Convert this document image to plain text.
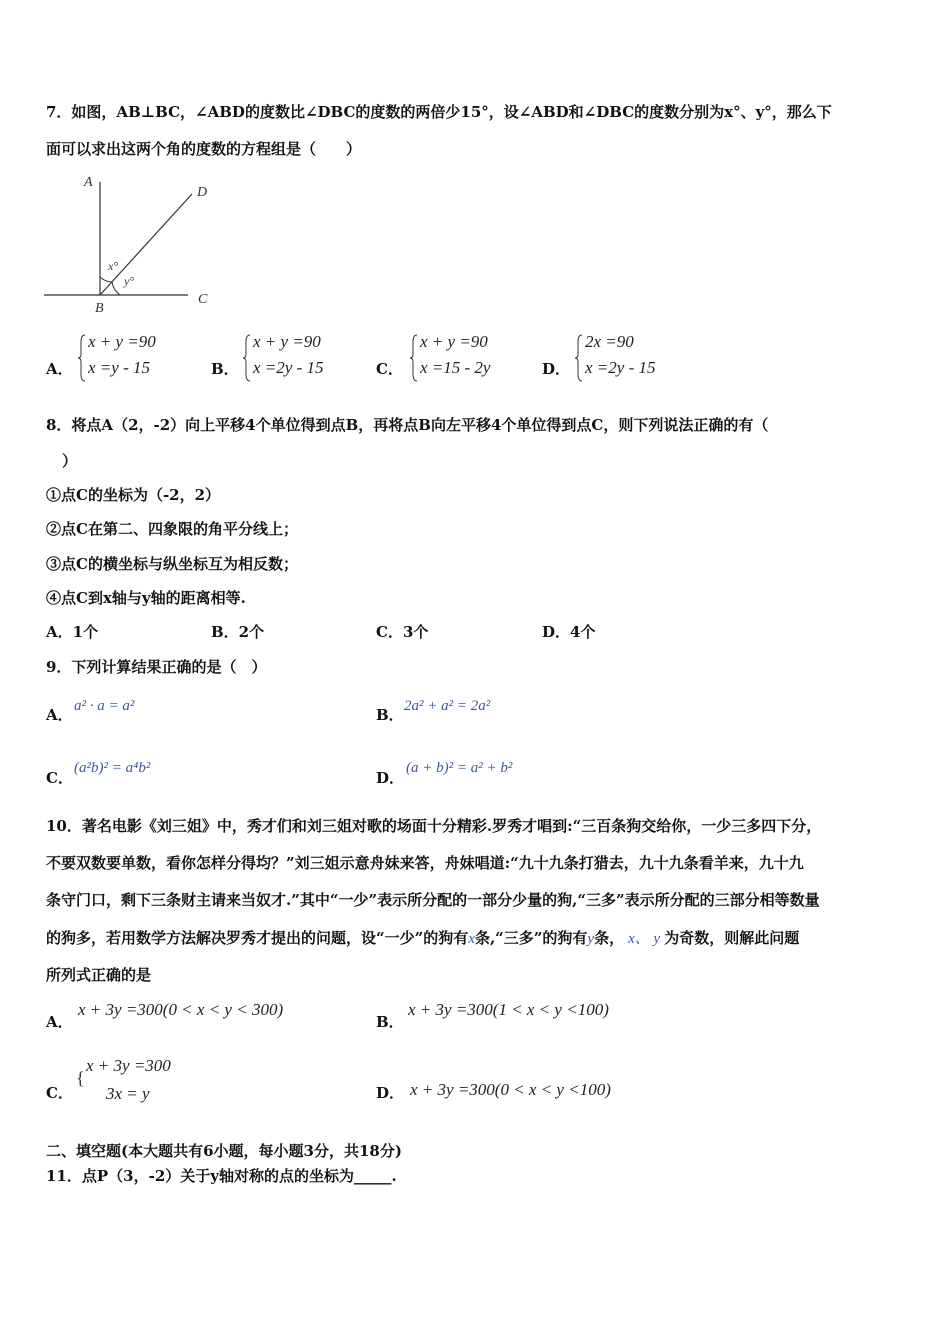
7．如图，AB⊥BC，∠ABD的度数比∠DBC的度数的两倍少15°，设∠ABD和∠DBC的度数分别为x°、y°，那么下
面可以求出这两个角的度数的方程组是（　　）
A
D
B
C
x°
y°
A．
x + y =90
x =y - 15	B．
x + y =90
x =2y - 15	C．
x + y =90
x =15 - 2y	D．
2x =90
x =2y - 15
8．将点A（2，-2）向上平移4个单位得到点B，再将点B向左平移4个单位得到点C，则下列说法正确的有（
）
①点C的坐标为（-2，2）
②点C在第二、四象限的角平分线上；
③点C的横坐标与纵坐标互为相反数；
④点C到x轴与y轴的距离相等.
A．1个	B．2个	C．3个	D．4个
9．下列计算结果正确的是（　）
A． a² · a = a²	B． 2a² + a² = 2a²
C．
(a²b)² = a⁴b²
D．
(a + b)² = a² + b²
10．著名电影《刘三姐》中，秀才们和刘三姐对歌的场面十分精彩.罗秀才唱到:“三百条狗交给你，一少三多四下分，
不要双数要单数，看你怎样分得均？”刘三姐示意舟妹来答，舟妹唱道:“九十九条打猎去，九十九条看羊来，九十九
条守门口，剩下三条财主请来当奴才.”其中“一少”表示所分配的一部分少量的狗,“三多”表示所分配的三部分相等数量
的狗多，若用数学方法解决罗秀才提出的问题，设“一少”的狗有x条,“三多”的狗有y条， x、 y 为奇数，则解此问题
所列式正确的是
A．
x + 3y =300(0 < x < y < 300)
B．
x + 3y =300(1 < x < y <100)
C．
{
x + 3y =300
3x = y	D． x + 3y =300(0 < x < y <100)
二、填空题(本大题共有6小题，每小题3分，共18分)
11．点P（3，-2）关于y轴对称的点的坐标为_____.
